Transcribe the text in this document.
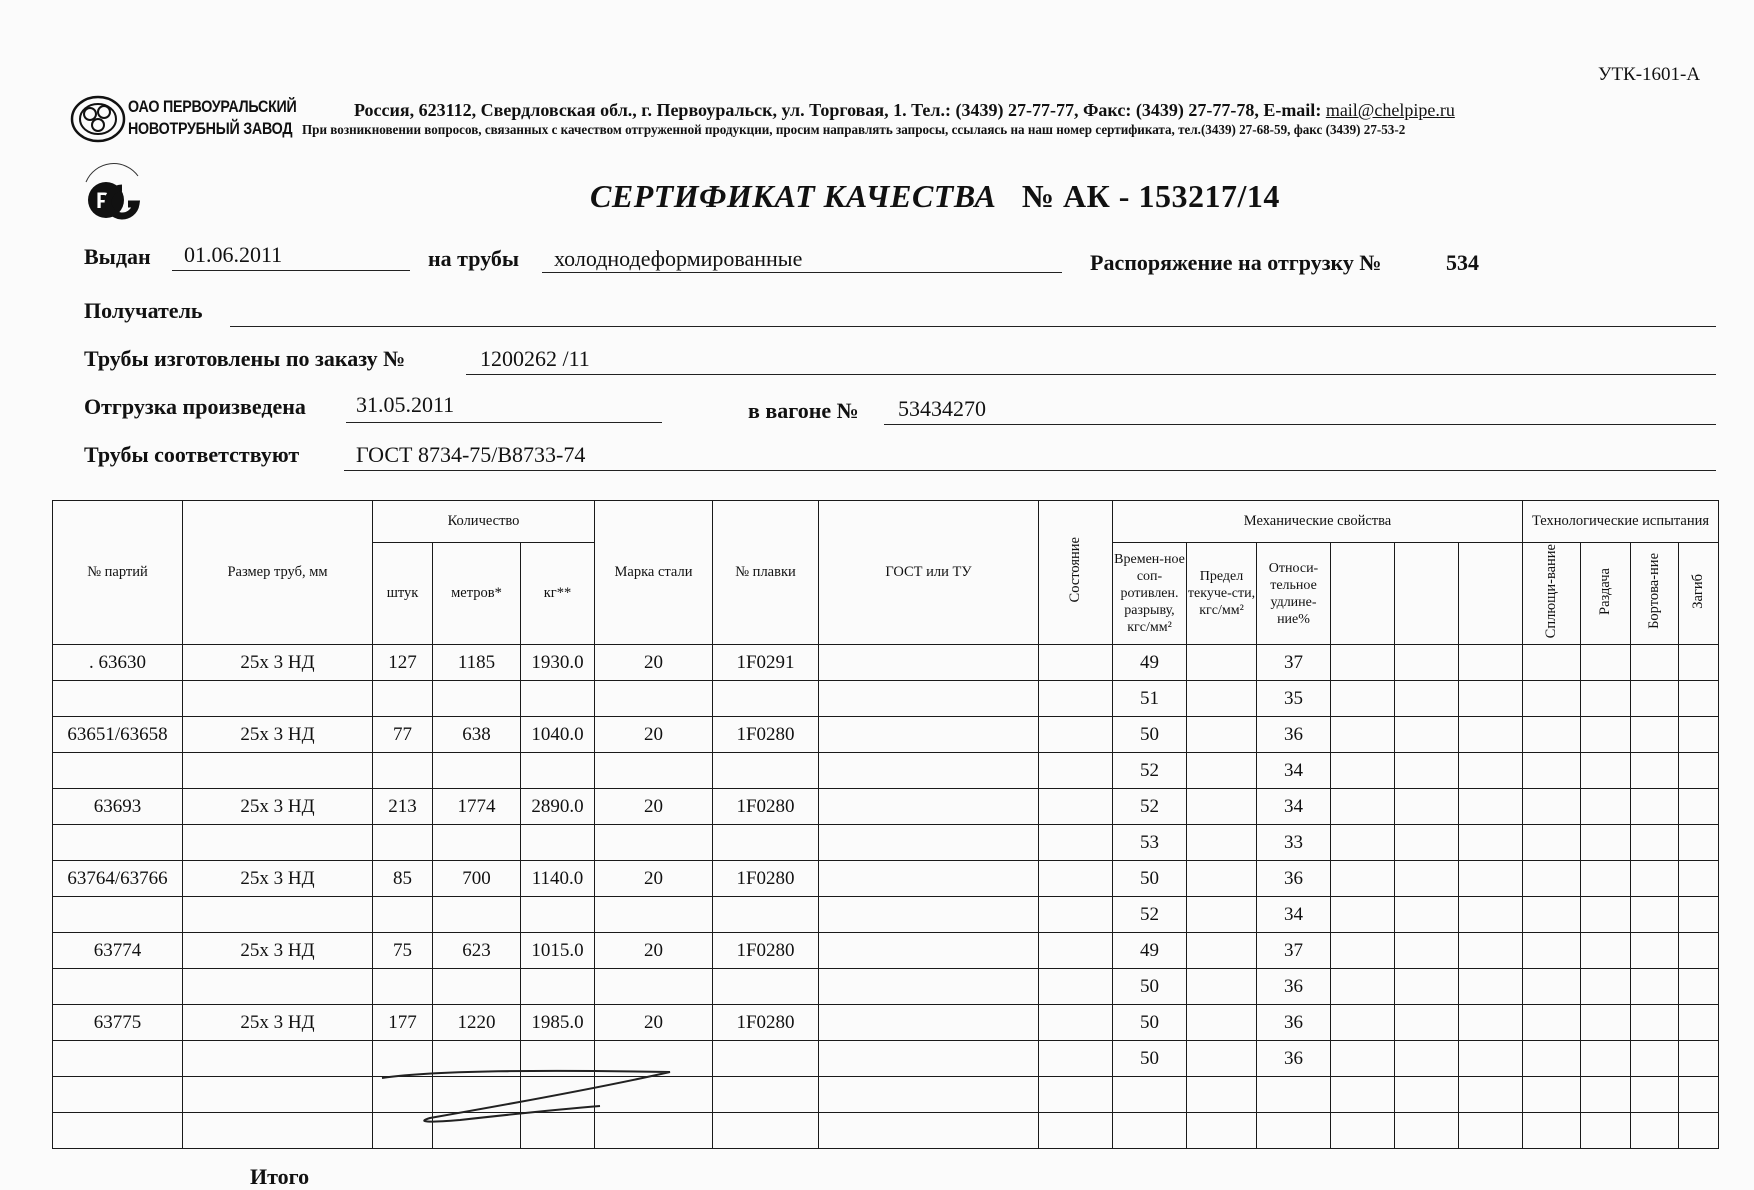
УТК-1601-А
ОАО ПЕРВОУРАЛЬСКИЙ
НОВОТРУБНЫЙ ЗАВОД
Россия, 623112, Свердловская обл., г. Первоуральск, ул. Торговая, 1. Тел.: (3439) 27-77-77, Факс: (3439) 27-77-78, E-mail: mail@chelpipe.ru
При возникновении вопросов, связанных с качеством отгруженной продукции, просим направлять запросы, ссылаясь на наш номер сертификата, тел.(3439) 27-68-59, факс (3439) 27-53-2
P	СЕРТИФИКАТ КАЧЕСТВА № АК - 153217/14
Выдан 01.06.2011	на трубы холоднодеформированные	Распоряжение на отгрузку №	534
Получатель
Трубы изготовлены по заказу №	1200262 /11
Отгрузка произведена 31.05.2011	в вагоне № 53434270
Трубы соответствуют	ГОСТ 8734-75/В8733-74
№ партий	Размер труб, мм	Количество			Марка стали	№ плавки	ГОСТ или ТУ	Состояние	Механические свойства						Технологические испытания			
		штук	метров*	кг**					Времен-ное соп-ротивлен. разрыву, кгс/мм²	Предел текуче-сти, кгс/мм²	Относи-тельное удлине-ние%				Сплющи-вание	Раздача	Бортова-ние	Загиб
. 63630	25х 3 НД	127	1185	1930.0	20	1F0291			49		37							
									51		35							
63651/63658	25х 3 НД	77	638	1040.0	20	1F0280			50		36							
									52		34							
63693	25х 3 НД	213	1774	2890.0	20	1F0280			52		34							
									53		33							
63764/63766	25х 3 НД	85	700	1140.0	20	1F0280			50		36							
									52		34							
63774	25х 3 НД	75	623	1015.0	20	1F0280			49		37							
									50		36							
63775	25х 3 НД	177	1220	1985.0	20	1F0280			50		36							
									50		36							

Итого
